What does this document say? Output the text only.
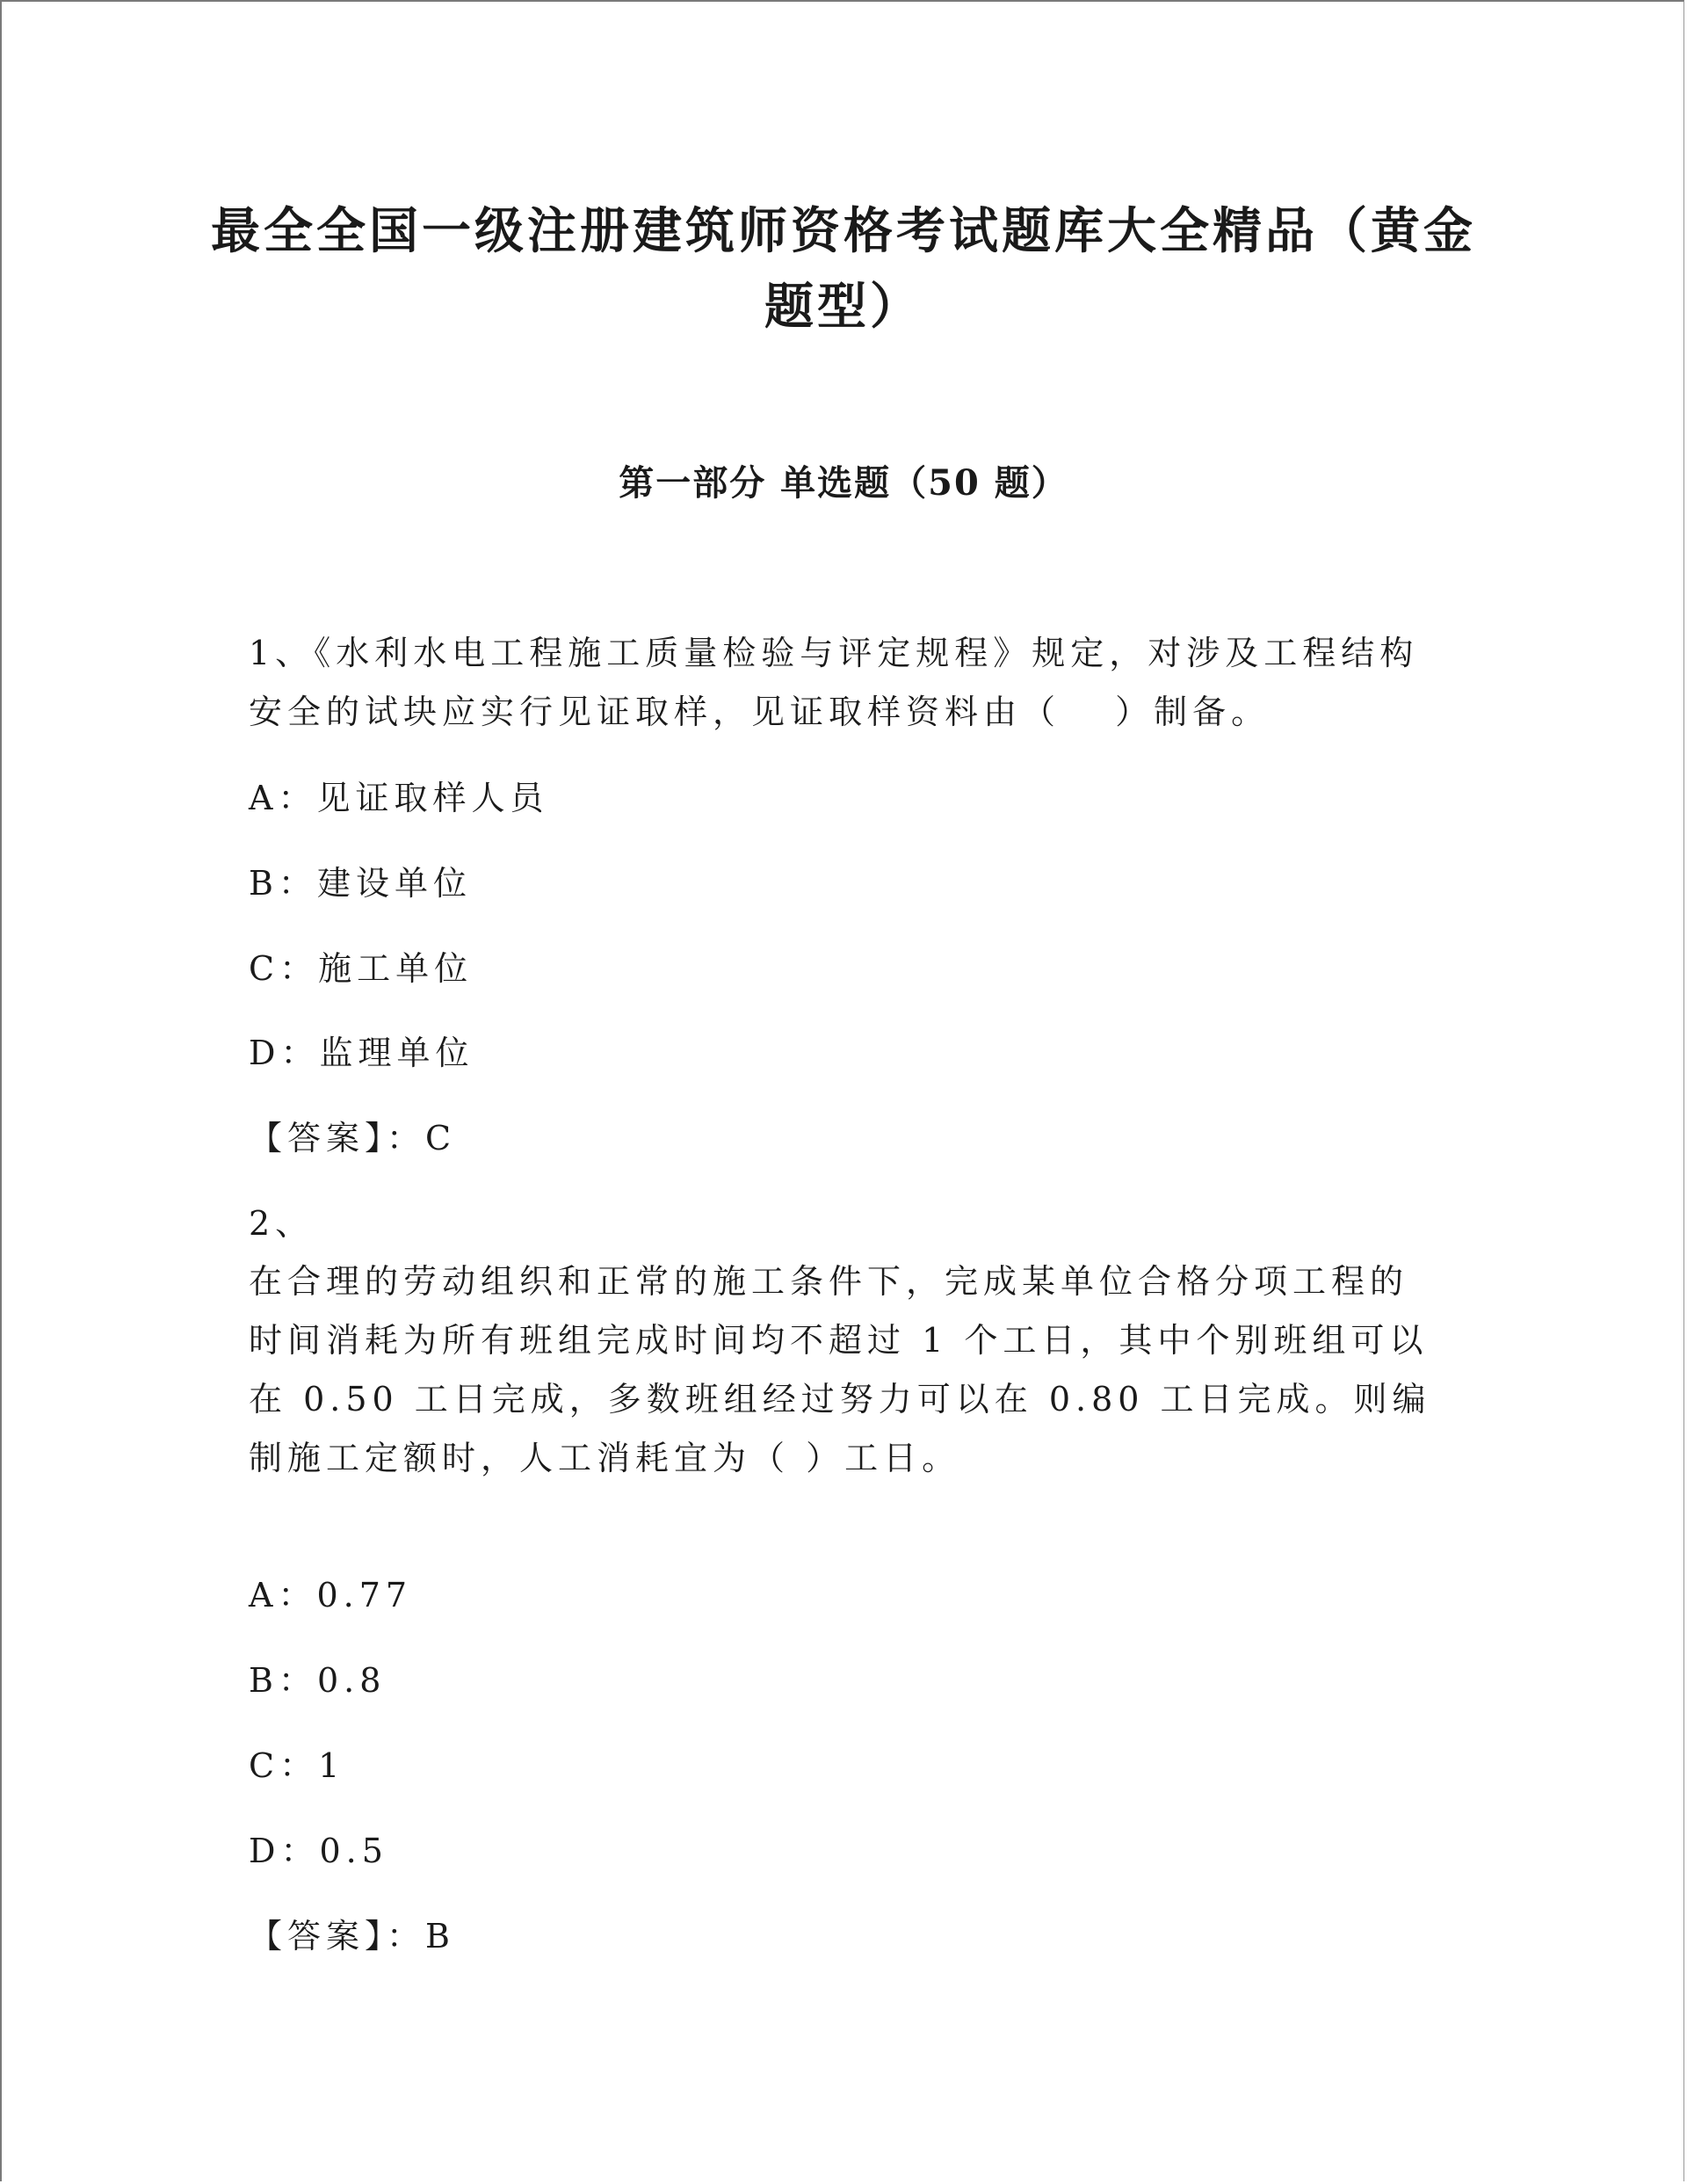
最全全国一级注册建筑师资格考试题库大全精品（黄金题型）
第一部分 单选题（50 题）

1、《水利水电工程施工质量检验与评定规程》规定，对涉及工程结构安全的试块应实行见证取样，见证取样资料由（　 ）制备。

A：见证取样人员
B：建设单位
C：施工单位
D：监理单位
【答案】：C
2、

在合理的劳动组织和正常的施工条件下，完成某单位合格分项工程的时间消耗为所有班组完成时间均不超过 1 个工日，其中个别班组可以在 0.50 工日完成，多数班组经过努力可以在 0.80 工日完成。则编制施工定额时，人工消耗宜为（ ）工日。

A：0.77
B：0.8
C：1
D：0.5
【答案】：B
